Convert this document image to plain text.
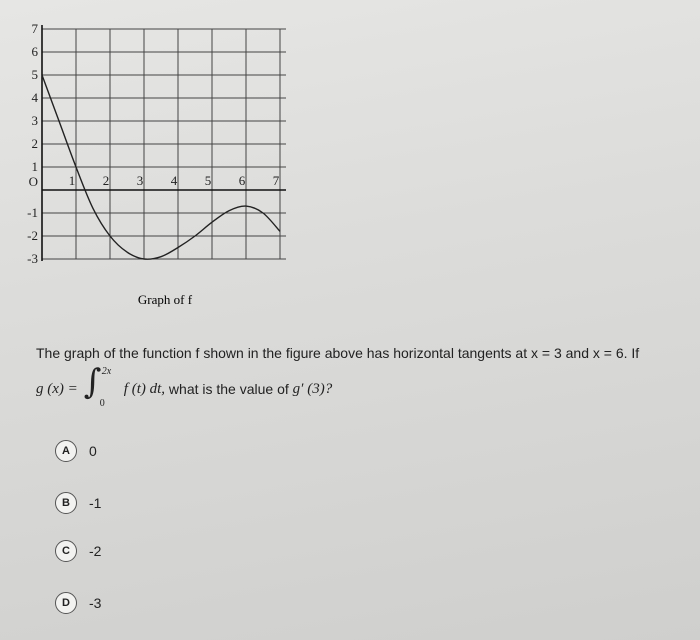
1 2 3 4 5 6 7
7
6
5
4
3
2
1
O
-1
-2
-3
Graph of f
The graph of the function f shown in the figure above has horizontal tangents at x = 3 and x = 6. If
g (x) = ∫ 2x
0
f (t) dt,
what is the value of
g′ (3)?
A	0
B	-1
C	-2
D	-3
